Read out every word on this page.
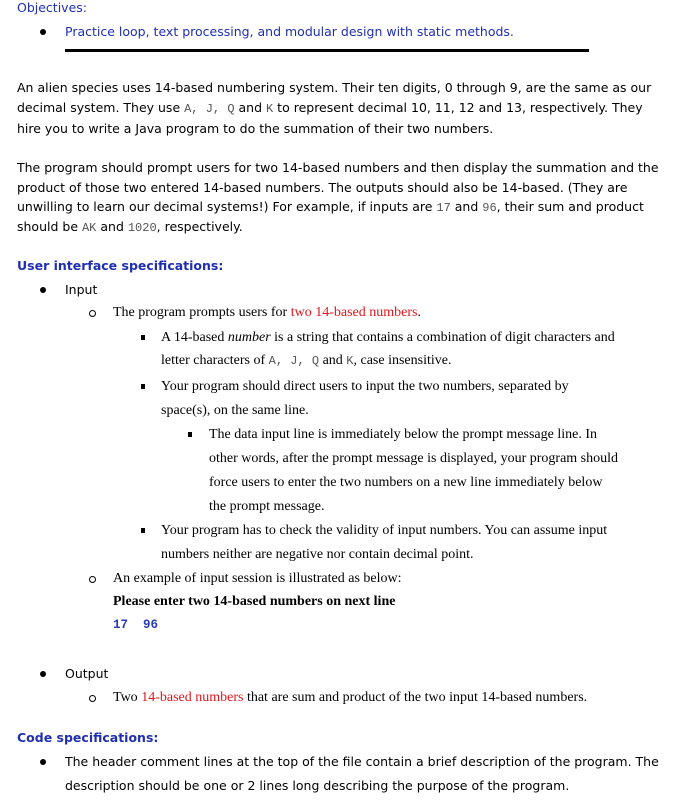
Objectives:
Practice loop, text processing, and modular design with static methods.
An alien species uses 14-based numbering system. Their ten digits, 0 through 9, are the same as our
decimal system. They use A, J, Q and K to represent decimal 10, 11, 12 and 13, respectively. They
hire you to write a Java program to do the summation of their two numbers.
The program should prompt users for two 14-based numbers and then display the summation and the
product of those two entered 14-based numbers. The outputs should also be 14-based. (They are
unwilling to learn our decimal systems!) For example, if inputs are 17 and 96, their sum and product
should be AK and 1020, respectively.
User interface specifications:
Input
The program prompts users for two 14-based numbers.
A 14-based number is a string that contains a combination of digit characters and
letter characters of A, J, Q and K, case insensitive.
Your program should direct users to input the two numbers, separated by
space(s), on the same line.
The data input line is immediately below the prompt message line. In
other words, after the prompt message is displayed, your program should
force users to enter the two numbers on a new line immediately below
the prompt message.
Your program has to check the validity of input numbers. You can assume input
numbers neither are negative nor contain decimal point.
An example of input session is illustrated as below:
Please enter two 14-based numbers on next line
17  96
Output
Two 14-based numbers that are sum and product of the two input 14-based numbers.
Code specifications:
The header comment lines at the top of the file contain a brief description of the program. The
description should be one or 2 lines long describing the purpose of the program.
